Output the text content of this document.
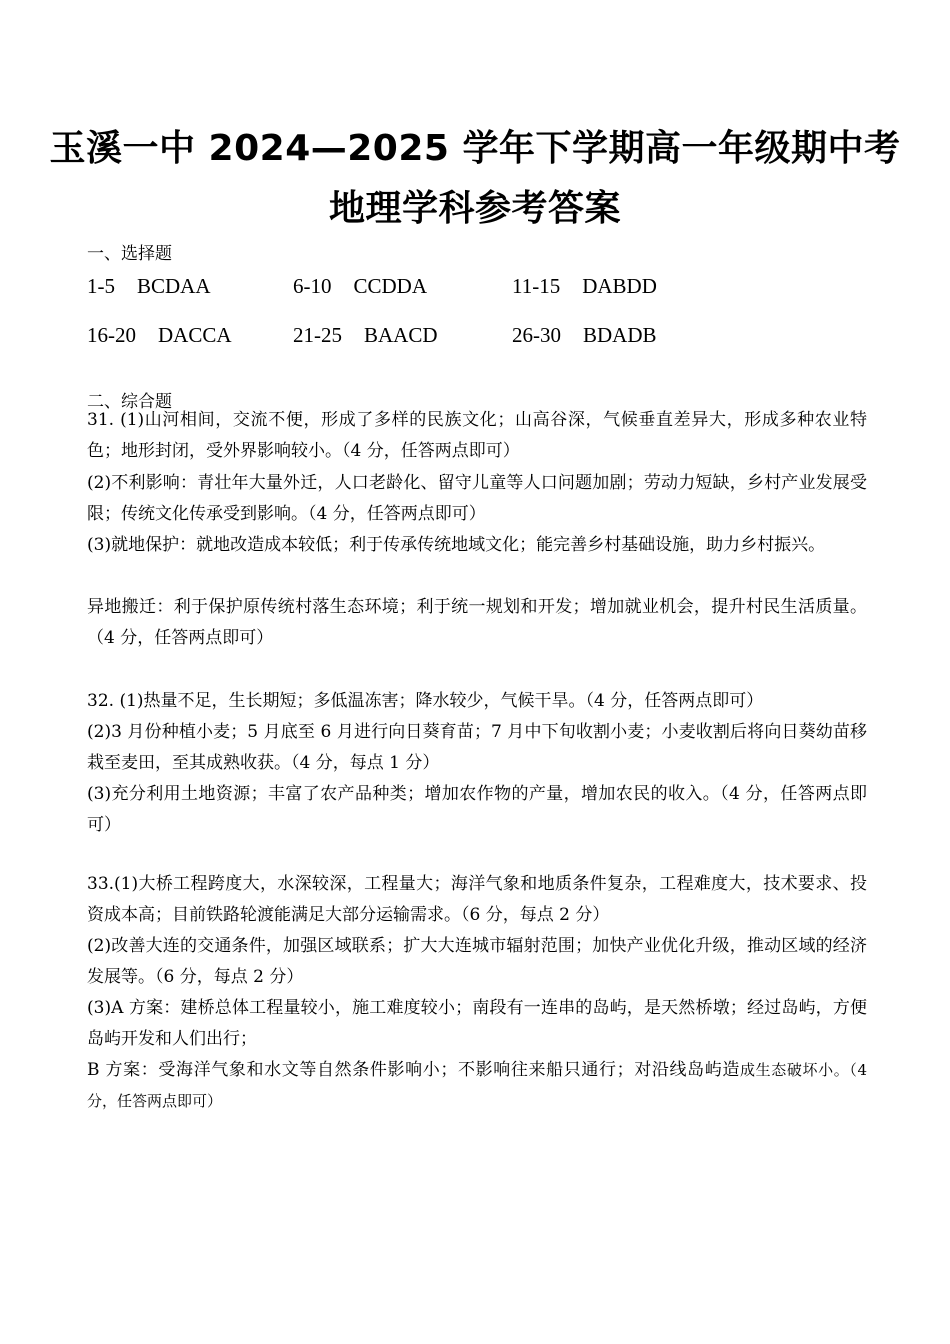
玉溪一中 2024—2025 学年下学期高一年级期中考
地理学科参考答案
一、选择题
1-5 BCDAA	6-10 CCDDA	11-15 DABDD
16-20 DACCA	21-25 BAACD	26-30 BDADB
二、综合题
31. (1)山河相间，交流不便，形成了多样的民族文化；山高谷深，气候垂直差异大，形成多种农业特色；地形封闭，受外界影响较小。（4 分，任答两点即可）
(2)不利影响：青壮年大量外迁，人口老龄化、留守儿童等人口问题加剧；劳动力短缺，乡村产业发展受限；传统文化传承受到影响。（4 分，任答两点即可）
(3)就地保护：就地改造成本较低；利于传承传统地域文化；能完善乡村基础设施，助力乡村振兴。
异地搬迁：利于保护原传统村落生态环境；利于统一规划和开发；增加就业机会，提升村民生活质量。（4 分，任答两点即可）
32. (1)热量不足，生长期短；多低温冻害；降水较少，气候干旱。（4 分，任答两点即可）
(2)3 月份种植小麦；5 月底至 6 月进行向日葵育苗；7 月中下旬收割小麦；小麦收割后将向日葵幼苗移栽至麦田，至其成熟收获。（4 分，每点 1 分）
(3)充分利用土地资源；丰富了农产品种类；增加农作物的产量，增加农民的收入。（4 分，任答两点即可）
33.(1)大桥工程跨度大，水深较深，工程量大；海洋气象和地质条件复杂，工程难度大，技术要求、投资成本高；目前铁路轮渡能满足大部分运输需求。（6 分，每点 2 分）
(2)改善大连的交通条件，加强区域联系；扩大大连城市辐射范围；加快产业优化升级，推动区域的经济发展等。（6 分，每点 2 分）
(3)A 方案：建桥总体工程量较小，施工难度较小；南段有一连串的岛屿，是天然桥墩；经过岛屿，方便岛屿开发和人们出行；
B 方案：受海洋气象和水文等自然条件影响小；不影响往来船只通行；对沿线岛屿造成生态破坏小。（4 分，任答两点即可）
